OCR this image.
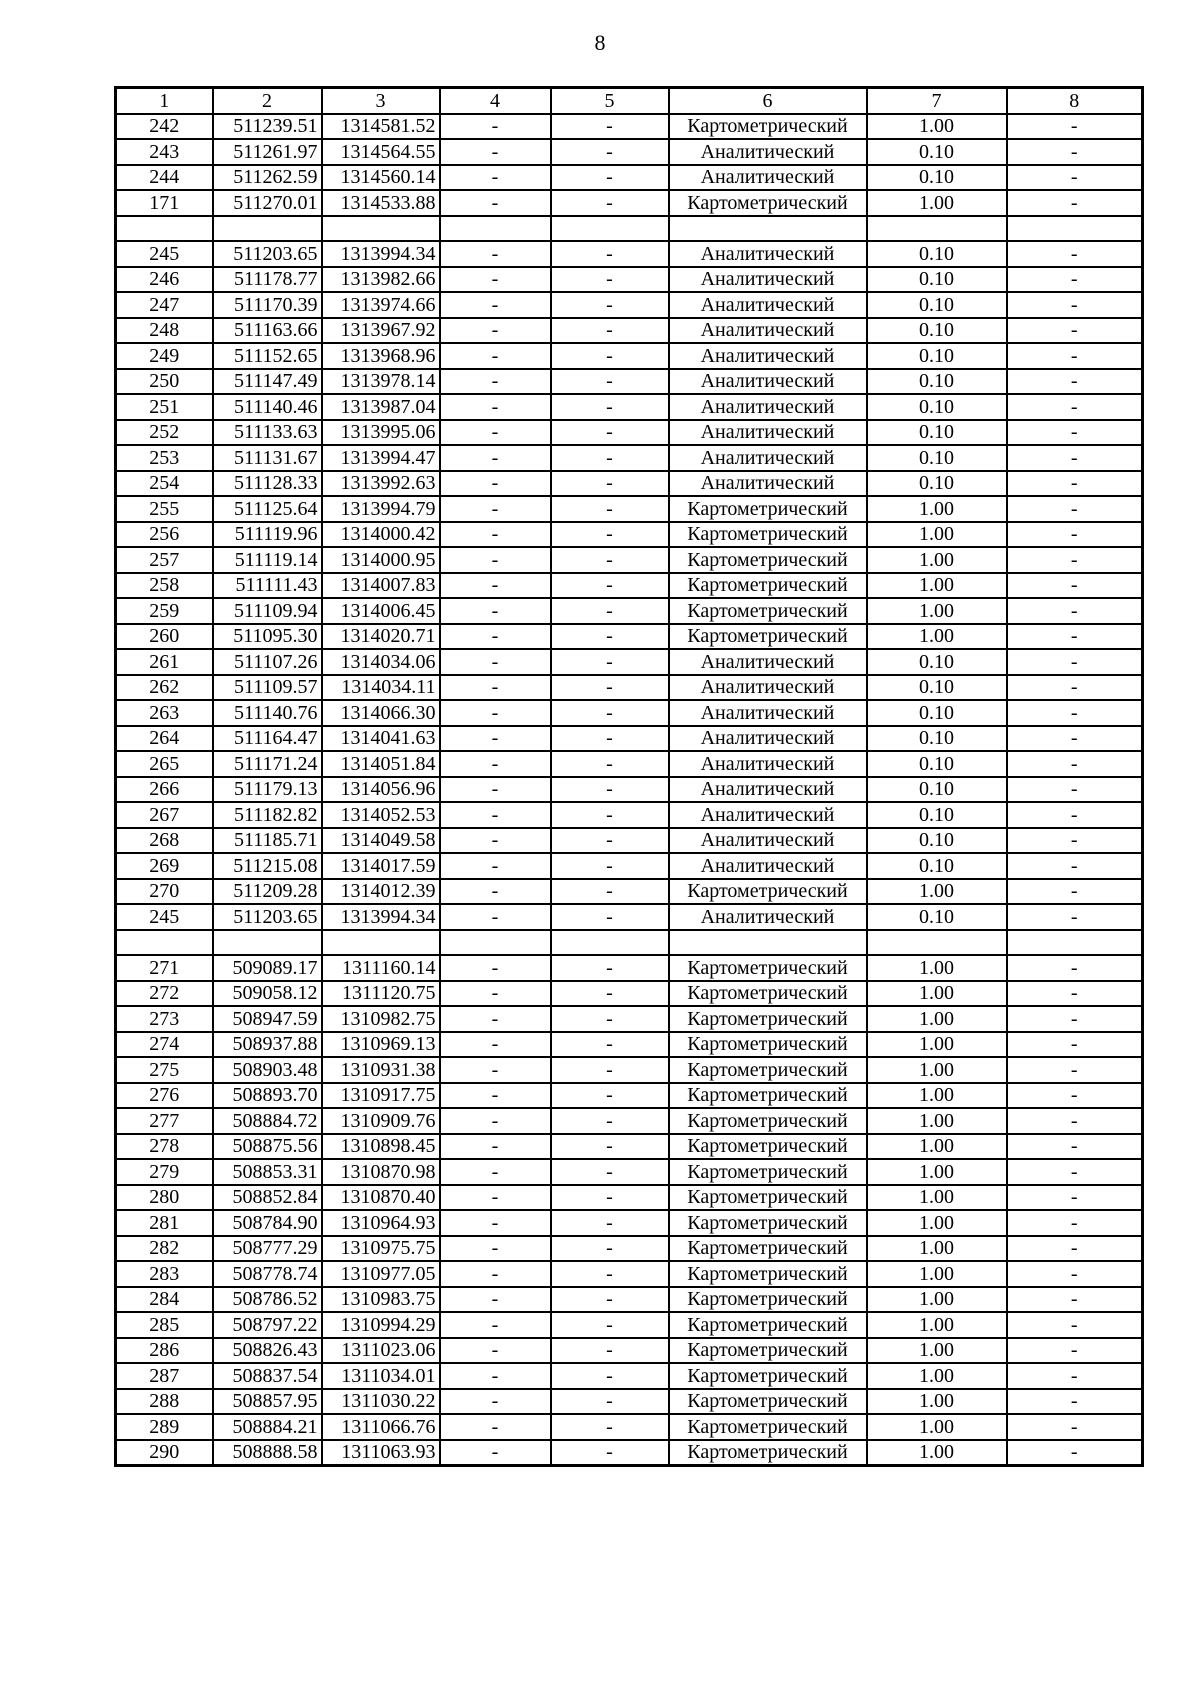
8
1	2	3	4	5	6	7	8
242	511239.51	1314581.52	-	-	Картометрический	1.00	-
243	511261.97	1314564.55	-	-	Аналитический	0.10	-
244	511262.59	1314560.14	-	-	Аналитический	0.10	-
171	511270.01	1314533.88	-	-	Картометрический	1.00	-

245	511203.65	1313994.34	-	-	Аналитический	0.10	-
246	511178.77	1313982.66	-	-	Аналитический	0.10	-
247	511170.39	1313974.66	-	-	Аналитический	0.10	-
248	511163.66	1313967.92	-	-	Аналитический	0.10	-
249	511152.65	1313968.96	-	-	Аналитический	0.10	-
250	511147.49	1313978.14	-	-	Аналитический	0.10	-
251	511140.46	1313987.04	-	-	Аналитический	0.10	-
252	511133.63	1313995.06	-	-	Аналитический	0.10	-
253	511131.67	1313994.47	-	-	Аналитический	0.10	-
254	511128.33	1313992.63	-	-	Аналитический	0.10	-
255	511125.64	1313994.79	-	-	Картометрический	1.00	-
256	511119.96	1314000.42	-	-	Картометрический	1.00	-
257	511119.14	1314000.95	-	-	Картометрический	1.00	-
258	511111.43	1314007.83	-	-	Картометрический	1.00	-
259	511109.94	1314006.45	-	-	Картометрический	1.00	-
260	511095.30	1314020.71	-	-	Картометрический	1.00	-
261	511107.26	1314034.06	-	-	Аналитический	0.10	-
262	511109.57	1314034.11	-	-	Аналитический	0.10	-
263	511140.76	1314066.30	-	-	Аналитический	0.10	-
264	511164.47	1314041.63	-	-	Аналитический	0.10	-
265	511171.24	1314051.84	-	-	Аналитический	0.10	-
266	511179.13	1314056.96	-	-	Аналитический	0.10	-
267	511182.82	1314052.53	-	-	Аналитический	0.10	-
268	511185.71	1314049.58	-	-	Аналитический	0.10	-
269	511215.08	1314017.59	-	-	Аналитический	0.10	-
270	511209.28	1314012.39	-	-	Картометрический	1.00	-
245	511203.65	1313994.34	-	-	Аналитический	0.10	-

271	509089.17	1311160.14	-	-	Картометрический	1.00	-
272	509058.12	1311120.75	-	-	Картометрический	1.00	-
273	508947.59	1310982.75	-	-	Картометрический	1.00	-
274	508937.88	1310969.13	-	-	Картометрический	1.00	-
275	508903.48	1310931.38	-	-	Картометрический	1.00	-
276	508893.70	1310917.75	-	-	Картометрический	1.00	-
277	508884.72	1310909.76	-	-	Картометрический	1.00	-
278	508875.56	1310898.45	-	-	Картометрический	1.00	-
279	508853.31	1310870.98	-	-	Картометрический	1.00	-
280	508852.84	1310870.40	-	-	Картометрический	1.00	-
281	508784.90	1310964.93	-	-	Картометрический	1.00	-
282	508777.29	1310975.75	-	-	Картометрический	1.00	-
283	508778.74	1310977.05	-	-	Картометрический	1.00	-
284	508786.52	1310983.75	-	-	Картометрический	1.00	-
285	508797.22	1310994.29	-	-	Картометрический	1.00	-
286	508826.43	1311023.06	-	-	Картометрический	1.00	-
287	508837.54	1311034.01	-	-	Картометрический	1.00	-
288	508857.95	1311030.22	-	-	Картометрический	1.00	-
289	508884.21	1311066.76	-	-	Картометрический	1.00	-
290	508888.58	1311063.93	-	-	Картометрический	1.00	-
